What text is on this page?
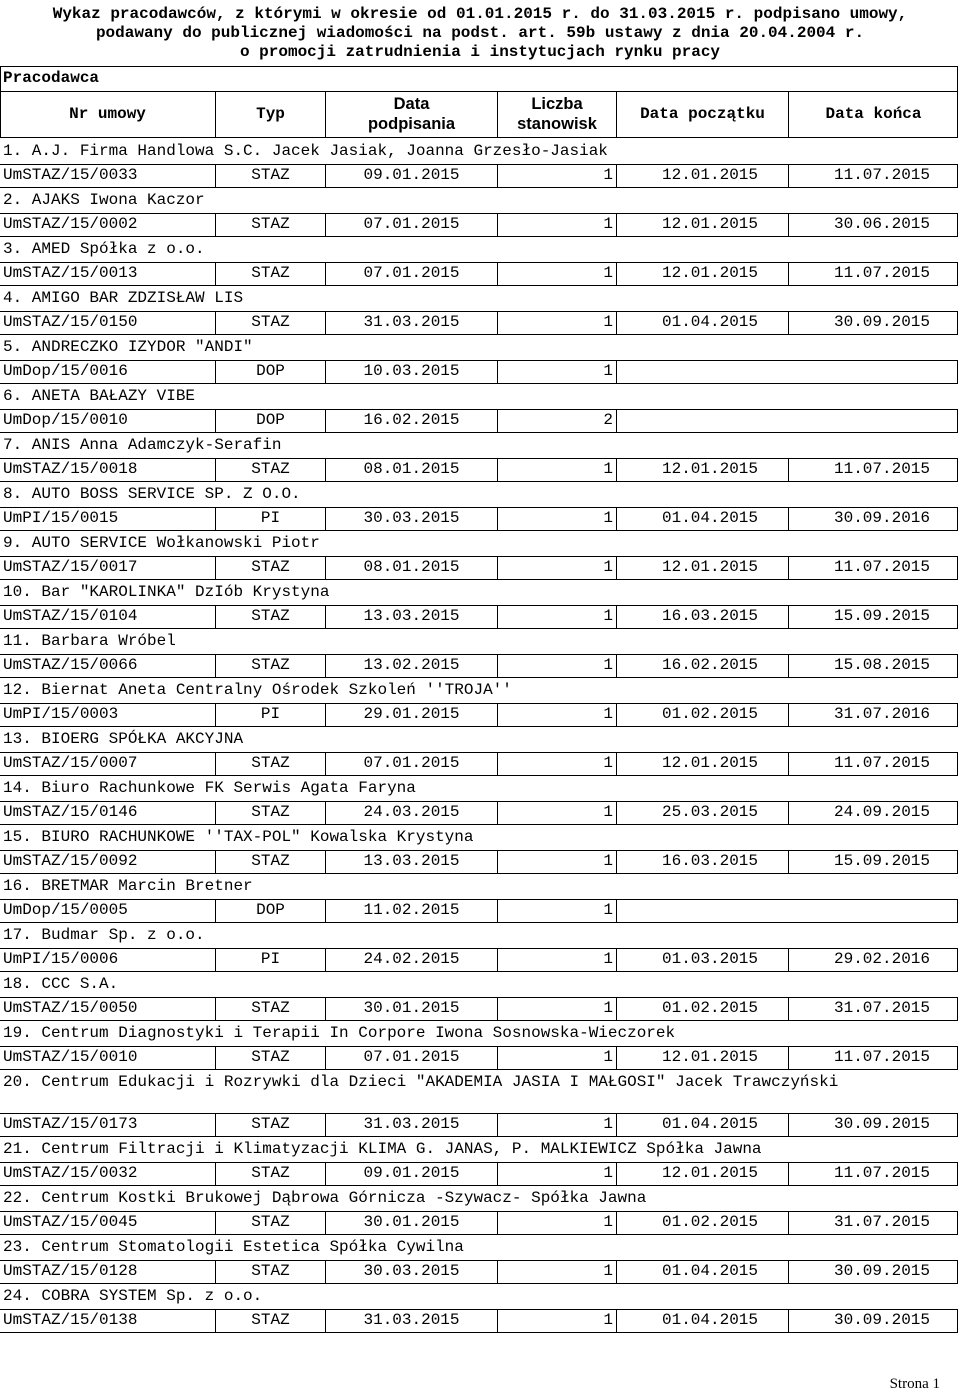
Wykaz pracodawców, z którymi w okresie od 01.01.2015 r. do 31.03.2015 r. podpisano umowy,
podawany do publicznej wiadomości na podst. art. 59b ustawy z dnia 20.04.2004 r.
o promocji zatrudnienia i instytucjach rynku pracy
Pracodawca
Nr umowy	Typ
Data
podpisania
Liczba
stanowisk
Data początku	Data końca
1. A.J. Firma Handlowa S.C. Jacek Jasiak, Joanna Grzesło-Jasiak
UmSTAZ/15/0033	STAZ	09.01.2015	1	12.01.2015	11.07.2015
2. AJAKS Iwona Kaczor
UmSTAZ/15/0002	STAZ	07.01.2015	1	12.01.2015	30.06.2015
3. AMED Spółka z o.o.
UmSTAZ/15/0013	STAZ	07.01.2015	1	12.01.2015	11.07.2015
4. AMIGO BAR ZDZISŁAW LIS
UmSTAZ/15/0150	STAZ	31.03.2015	1	01.04.2015	30.09.2015
5. ANDRECZKO IZYDOR "ANDI"
UmDop/15/0016	DOP	10.03.2015	1
6. ANETA BAŁAZY VIBE
UmDop/15/0010	DOP	16.02.2015	2
7. ANIS Anna Adamczyk-Serafin
UmSTAZ/15/0018	STAZ	08.01.2015	1	12.01.2015	11.07.2015
8. AUTO BOSS SERVICE SP. Z O.O.
UmPI/15/0015	PI	30.03.2015	1	01.04.2015	30.09.2016
9. AUTO SERVICE Wołkanowski Piotr
UmSTAZ/15/0017	STAZ	08.01.2015	1	12.01.2015	11.07.2015
10. Bar "KAROLINKA" DzIób Krystyna
UmSTAZ/15/0104	STAZ	13.03.2015	1	16.03.2015	15.09.2015
11. Barbara Wróbel
UmSTAZ/15/0066	STAZ	13.02.2015	1	16.02.2015	15.08.2015
12. Biernat Aneta Centralny Ośrodek Szkoleń ''TROJA''
UmPI/15/0003	PI	29.01.2015	1	01.02.2015	31.07.2016
13. BIOERG SPÓŁKA AKCYJNA
UmSTAZ/15/0007	STAZ	07.01.2015	1	12.01.2015	11.07.2015
14. Biuro Rachunkowe FK Serwis Agata Faryna
UmSTAZ/15/0146	STAZ	24.03.2015	1	25.03.2015	24.09.2015
15. BIURO RACHUNKOWE ''TAX-POL" Kowalska Krystyna
UmSTAZ/15/0092	STAZ	13.03.2015	1	16.03.2015	15.09.2015
16. BRETMAR Marcin Bretner
UmDop/15/0005	DOP	11.02.2015	1
17. Budmar Sp. z o.o.
UmPI/15/0006	PI	24.02.2015	1	01.03.2015	29.02.2016
18. CCC S.A.
UmSTAZ/15/0050	STAZ	30.01.2015	1	01.02.2015	31.07.2015
19. Centrum Diagnostyki i Terapii In Corpore Iwona Sosnowska-Wieczorek
UmSTAZ/15/0010	STAZ	07.01.2015	1	12.01.2015	11.07.2015
20. Centrum Edukacji i Rozrywki dla Dzieci "AKADEMIA JASIA I MAŁGOSI" Jacek Trawczyński
UmSTAZ/15/0173	STAZ	31.03.2015	1	01.04.2015	30.09.2015
21. Centrum Filtracji i Klimatyzacji KLIMA G. JANAS, P. MALKIEWICZ Spółka Jawna
UmSTAZ/15/0032	STAZ	09.01.2015	1	12.01.2015	11.07.2015
22. Centrum Kostki Brukowej Dąbrowa Górnicza -Szywacz- Spółka Jawna
UmSTAZ/15/0045	STAZ	30.01.2015	1	01.02.2015	31.07.2015
23. Centrum Stomatologii Estetica Spółka Cywilna
UmSTAZ/15/0128	STAZ	30.03.2015	1	01.04.2015	30.09.2015
24. COBRA SYSTEM Sp. z o.o.
UmSTAZ/15/0138	STAZ	31.03.2015	1	01.04.2015	30.09.2015
Strona 1
